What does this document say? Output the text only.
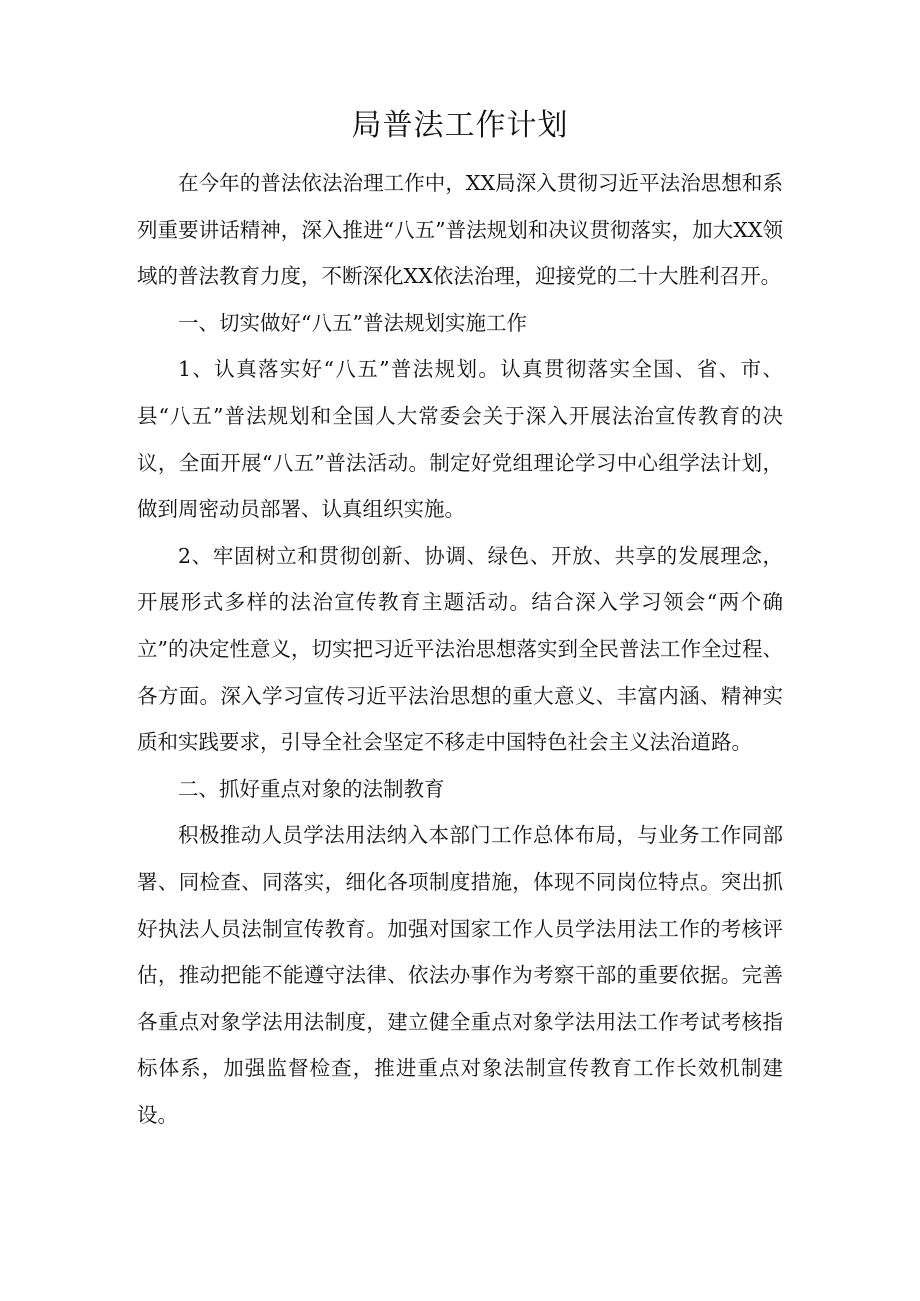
局普法工作计划

在今年的普法依法治理工作中，XX局深入贯彻习近平法治思想和系列重要讲话精神，深入推进“八五”普法规划和决议贯彻落实，加大XX领域的普法教育力度，不断深化XX依法治理，迎接党的二十大胜利召开。

一、切实做好“八五”普法规划实施工作

1、认真落实好“八五”普法规划。认真贯彻落实全国、省、市、县“八五”普法规划和全国人大常委会关于深入开展法治宣传教育的决议，全面开展“八五”普法活动。制定好党组理论学习中心组学法计划，做到周密动员部署、认真组织实施。

2、牢固树立和贯彻创新、协调、绿色、开放、共享的发展理念，开展形式多样的法治宣传教育主题活动。结合深入学习领会“两个确立”的决定性意义，切实把习近平法治思想落实到全民普法工作全过程、各方面。深入学习宣传习近平法治思想的重大意义、丰富内涵、精神实质和实践要求，引导全社会坚定不移走中国特色社会主义法治道路。

二、抓好重点对象的法制教育

积极推动人员学法用法纳入本部门工作总体布局，与业务工作同部署、同检查、同落实，细化各项制度措施，体现不同岗位特点。突出抓好执法人员法制宣传教育。加强对国家工作人员学法用法工作的考核评估，推动把能不能遵守法律、依法办事作为考察干部的重要依据。完善各重点对象学法用法制度，建立健全重点对象学法用法工作考试考核指标体系，加强监督检查，推进重点对象法制宣传教育工作长效机制建设。
